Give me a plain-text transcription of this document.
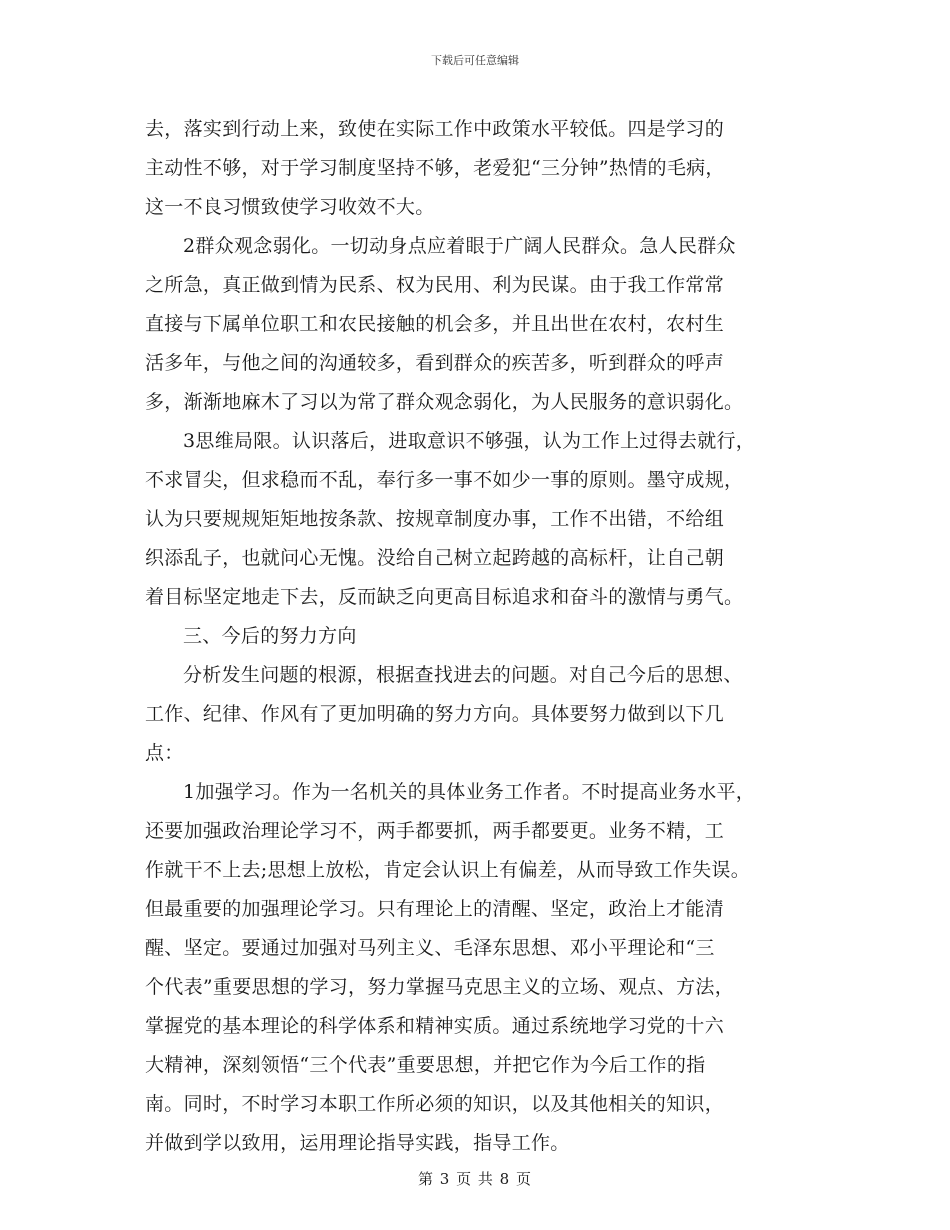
下载后可任意编辑
去，落实到行动上来，致使在实际工作中政策水平较低。四是学习的
主动性不够，对于学习制度坚持不够，老爱犯“三分钟”热情的毛病，
这一不良习惯致使学习收效不大。
2群众观念弱化。一切动身点应着眼于广阔人民群众。急人民群众
之所急，真正做到情为民系、权为民用、利为民谋。由于我工作常常
直接与下属单位职工和农民接触的机会多，并且出世在农村，农村生
活多年，与他之间的沟通较多，看到群众的疾苦多，听到群众的呼声
多，渐渐地麻木了习以为常了群众观念弱化，为人民服务的意识弱化。
3思维局限。认识落后，进取意识不够强，认为工作上过得去就行，
不求冒尖，但求稳而不乱，奉行多一事不如少一事的原则。墨守成规，
认为只要规规矩矩地按条款、按规章制度办事，工作不出错，不给组
织添乱子，也就问心无愧。没给自己树立起跨越的高标杆，让自己朝
着目标坚定地走下去，反而缺乏向更高目标追求和奋斗的激情与勇气。
三、今后的努力方向
分析发生问题的根源，根据查找进去的问题。对自己今后的思想、
工作、纪律、作风有了更加明确的努力方向。具体要努力做到以下几
点：
1加强学习。作为一名机关的具体业务工作者。不时提高业务水平，
还要加强政治理论学习不，两手都要抓，两手都要更。业务不精，工
作就干不上去;思想上放松，肯定会认识上有偏差，从而导致工作失误。
但最重要的加强理论学习。只有理论上的清醒、坚定，政治上才能清
醒、坚定。要通过加强对马列主义、毛泽东思想、邓小平理论和“三
个代表”重要思想的学习，努力掌握马克思主义的立场、观点、方法，
掌握党的基本理论的科学体系和精神实质。通过系统地学习党的十六
大精神，深刻领悟“三个代表”重要思想，并把它作为今后工作的指
南。同时，不时学习本职工作所必须的知识，以及其他相关的知识，
并做到学以致用，运用理论指导实践，指导工作。
第 3 页 共 8 页
